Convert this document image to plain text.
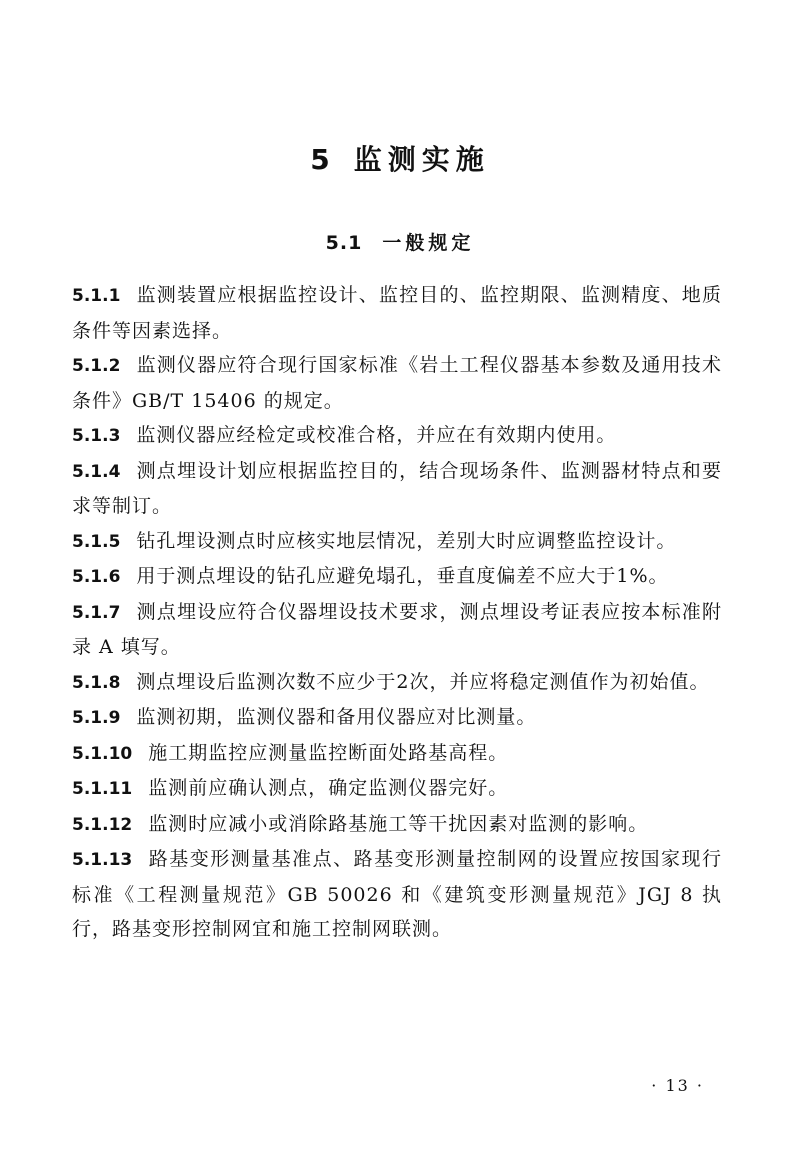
5 监测实施
5.1 一般规定
5.1.1 监测装置应根据监控设计、监控目的、监控期限、监测精度、地质条件等因素选择。
5.1.2 监测仪器应符合现行国家标准《岩土工程仪器基本参数及通用技术条件》GB/T 15406 的规定。
5.1.3 监测仪器应经检定或校准合格，并应在有效期内使用。
5.1.4 测点埋设计划应根据监控目的，结合现场条件、监测器材特点和要求等制订。
5.1.5 钻孔埋设测点时应核实地层情况，差别大时应调整监控设计。
5.1.6 用于测点埋设的钻孔应避免塌孔，垂直度偏差不应大于1%。
5.1.7 测点埋设应符合仪器埋设技术要求，测点埋设考证表应按本标准附录 A 填写。
5.1.8 测点埋设后监测次数不应少于2次，并应将稳定测值作为初始值。
5.1.9 监测初期，监测仪器和备用仪器应对比测量。
5.1.10 施工期监控应测量监控断面处路基高程。
5.1.11 监测前应确认测点，确定监测仪器完好。
5.1.12 监测时应减小或消除路基施工等干扰因素对监测的影响。
5.1.13 路基变形测量基准点、路基变形测量控制网的设置应按国家现行标准《工程测量规范》GB 50026 和《建筑变形测量规范》JGJ 8 执行，路基变形控制网宜和施工控制网联测。
· 13 ·
